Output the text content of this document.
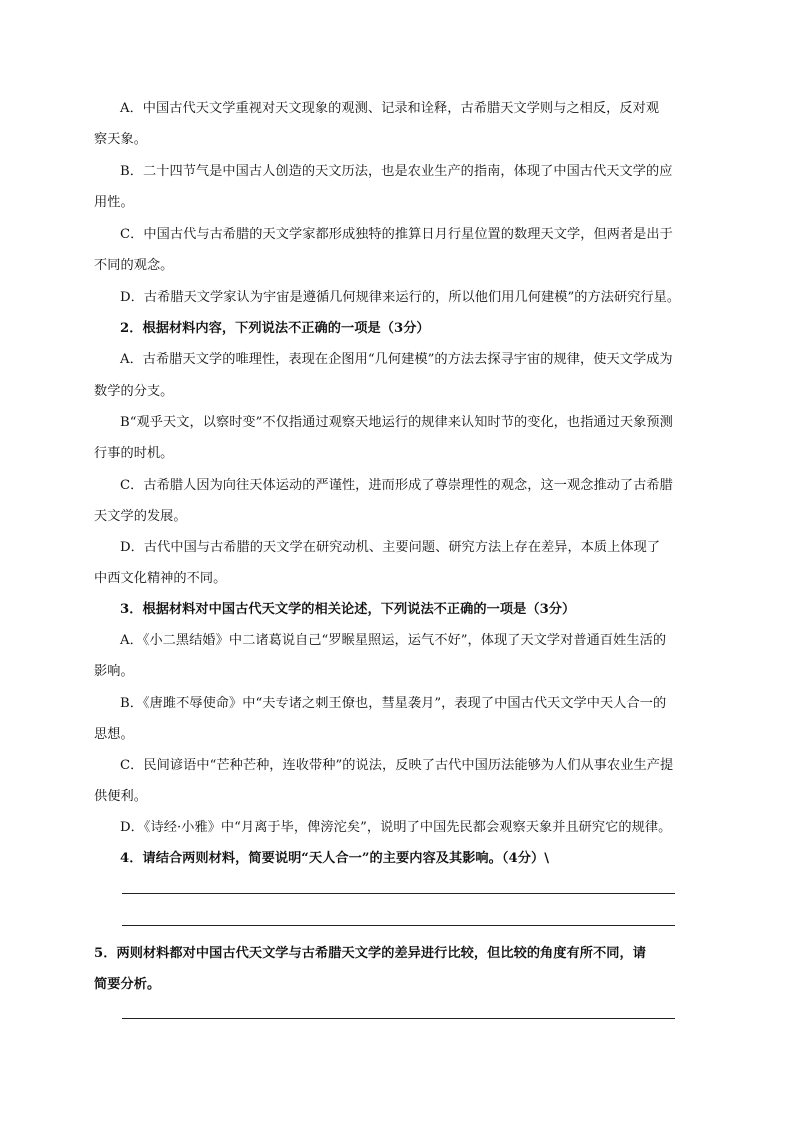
A．中国古代天文学重视对天文现象的观测、记录和诠释，古希腊天文学则与之相反，反对观
察天象。
B．二十四节气是中国古人创造的天文历法，也是农业生产的指南，体现了中国古代天文学的应
用性。
C．中国古代与古希腊的天文学家都形成独特的推算日月行星位置的数理天文学，但两者是出于
不同的观念。
D．古希腊天文学家认为宇宙是遵循几何规律来运行的，所以他们用几何建模”的方法研究行星。
2．根据材料内容，下列说法不正确的一项是（3分）
A．古希腊天文学的唯理性，表现在企图用“几何建模”的方法去探寻宇宙的规律，使天文学成为
数学的分支。
B“观乎天文，以察时变”不仅指通过观察天地运行的规律来认知时节的变化，也指通过天象预测
行事的时机。
C．古希腊人因为向往天体运动的严谨性，进而形成了尊崇理性的观念，这一观念推动了古希腊
天文学的发展。
D．古代中国与古希腊的天文学在研究动机、主要问题、研究方法上存在差异，本质上体现了
中西文化精神的不同。
3．根据材料对中国古代天文学的相关论述，下列说法不正确的一项是（3分）
A．《小二黑结婚》中二诸葛说自己“罗睺星照运，运气不好”，体现了天文学对普通百姓生活的
影响。
B．《唐雎不辱使命》中“夫专诸之刺王僚也，彗星袭月”，表现了中国古代天文学中天人合一的
思想。
C．民间谚语中“芒种芒种，连收带种”的说法，反映了古代中国历法能够为人们从事农业生产提
供便利。
D．《诗经·小雅》中“月离于毕，俾滂沱矣”，说明了中国先民都会观察天象并且研究它的规律。
4．请结合两则材料，简要说明“天人合一”的主要内容及其影响。（4分）\
5．两则材料都对中国古代天文学与古希腊天文学的差异进行比较，但比较的角度有所不同，请
简要分析。
